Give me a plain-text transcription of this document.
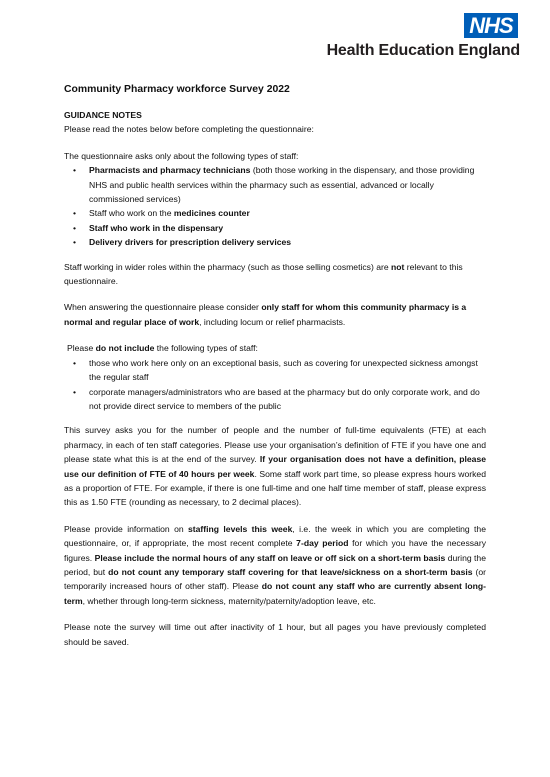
NHS
Health Education England
Community Pharmacy workforce Survey 2022
GUIDANCE NOTES

Please read the notes below before completing the questionnaire:

The questionnaire asks only about the following types of staff:
• Pharmacists and pharmacy technicians (both those working in the dispensary, and those providing NHS and public health services within the pharmacy such as essential, advanced or locally commissioned services)
• Staff who work on the medicines counter
• Staff who work in the dispensary
• Delivery drivers for prescription delivery services

Staff working in wider roles within the pharmacy (such as those selling cosmetics) are not relevant to this questionnaire.

When answering the questionnaire please consider only staff for whom this community pharmacy is a normal and regular place of work, including locum or relief pharmacists.

Please do not include the following types of staff:
• those who work here only on an exceptional basis, such as covering for unexpected sickness amongst the regular staff
• corporate managers/administrators who are based at the pharmacy but do only corporate work, and do not provide direct service to members of the public

This survey asks you for the number of people and the number of full-time equivalents (FTE) at each pharmacy, in each of ten staff categories. Please use your organisation’s definition of FTE if you have one and please state what this is at the end of the survey. If your organisation does not have a definition, please use our definition of FTE of 40 hours per week. Some staff work part time, so please express hours worked as a proportion of FTE. For example, if there is one full-time and one half time member of staff, please express this as 1.50 FTE (rounding as necessary, to 2 decimal places).

Please provide information on staffing levels this week, i.e. the week in which you are completing the questionnaire, or, if appropriate, the most recent complete 7-day period for which you have the necessary figures. Please include the normal hours of any staff on leave or off sick on a short-term basis during the period, but do not count any temporary staff covering for that leave/sickness on a short-term basis (or temporarily increased hours of other staff). Please do not count any staff who are currently absent long-term, whether through long-term sickness, maternity/paternity/adoption leave, etc.

Please note the survey will time out after inactivity of 1 hour, but all pages you have previously completed should be saved.
